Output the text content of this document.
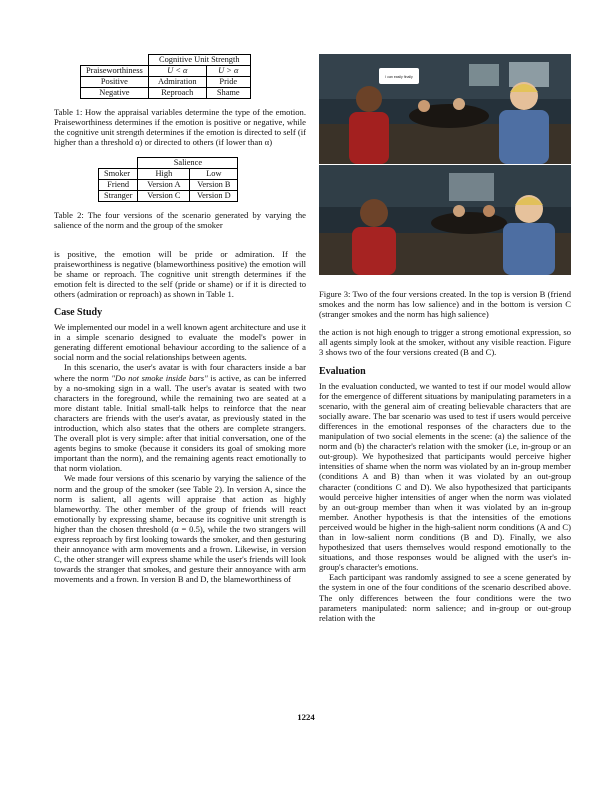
	Cognitive Unit Strength	
Praiseworthiness	U < α	U > α
Positive	Admiration	Pride
Negative	Reproach	Shame

Table 1: How the appraisal variables determine the type of the emotion. Praiseworthiness determines if the emotion is positive or negative, while the cognitive unit strength determines if the emotion is directed to self (if higher than a threshold α) or directed to others (if lower than α)

	Salience	
Smoker	High	Low
Friend	Version A	Version B
Stranger	Version C	Version D

Table 2: The four versions of the scenario generated by varying the salience of the norm and the group of the smoker

is positive, the emotion will be pride or admiration. If the praiseworthiness is negative (blameworthiness positive) the emotion will be shame or reproach. The cognitive unit strength determines if the emotion felt is directed to the self (pride or shame) or if it is directed to others (admiration or reproach) as shown in Table 1.

Case Study

We implemented our model in a well known agent architecture and use it in a simple scenario designed to evaluate the model's power in generating different emotional behaviour according to the salience of a social norm and the social relationships between agents.

In this scenario, the user's avatar is with four characters inside a bar where the norm "Do not smoke inside bars" is active, as can be inferred by a no-smoking sign in a wall. The user's avatar is seated with two characters in the foreground, while the remaining two are seated at a more distant table. Initial small-talk helps to reinforce that the near characters are friends with the user's avatar, as previously stated in the introduction, which also states that the others are complete strangers. The overall plot is very simple: after that initial conversation, one of the agents begins to smoke (because it considers its goal of smoking more important than the norm), and the remaining agents react emotionally to that norm violation.

We made four versions of this scenario by varying the salience of the norm and the group of the smoker (see Table 2). In version A, since the norm is salient, all agents will appraise that action as highly blameworthy. The other member of the group of friends will react emotionally by expressing shame, because its cognitive unit strength is higher than the chosen threshold (α = 0.5), while the two strangers will express reproach by first looking towards the smoker, and then gesturing their annoyance with arm movements and a frown. Likewise, in version C, the other stranger will express shame while the user's friends will look towards the stranger that smokes, and gesture their annoyance with arm movements and a frown. In version B and D, the blameworthiness of

I can easily finally

Figure 3: Two of the four versions created. In the top is version B (friend smokes and the norm has low salience) and in the bottom is version C (stranger smokes and the norm has high salience)

the action is not high enough to trigger a strong emotional expression, so all agents simply look at the smoker, without any visible reaction. Figure 3 shows two of the four versions created (B and C).

Evaluation

In the evaluation conducted, we wanted to test if our model would allow for the emergence of different situations by manipulating parameters in a scenario, with the general aim of creating believable characters that are socially aware. The bar scenario was used to test if users would perceive differences in the emotional responses of the characters due to the manipulation of two social elements in the scene: (a) the salience of the norm and (b) the character's relation with the smoker (i.e, in-group or an out-group). We hypothesized that participants would perceive higher intensities of shame when the norm was violated by an in-group member (conditions A and B) than when it was violated by an out-group character (conditions C and D). We also hypothesized that participants would perceive higher intensities of anger when the norm was violated by an out-group member than when it was violated by an in-group member. Another hypothesis is that the intensities of the emotions perceived would be higher in the high-salient norm conditions (A and C) than in low-salient norm conditions (B and D). Finally, we also hypothesized that users themselves would respond emotionally to the situations, and those responses would be aligned with the user's in-group's character's emotions.

Each participant was randomly assigned to see a scene generated by the system in one of the four conditions of the scenario described above. The only differences between the four conditions were the two parameters manipulated: norm salience; and in-group or out-group relation with the

1224
